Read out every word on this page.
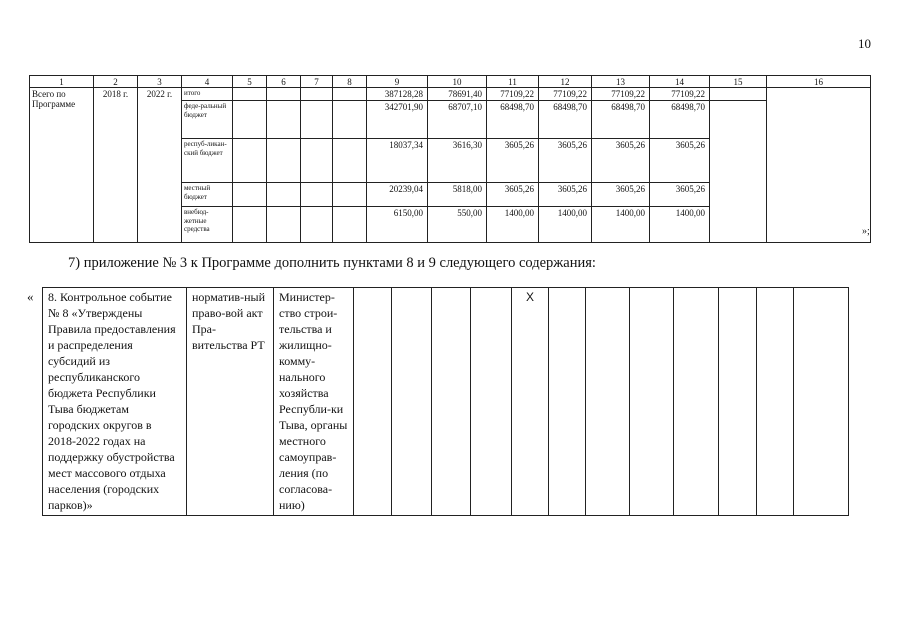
10
1	2	3	4	5	6	7	8	9	10	11	12	13	14	15	16
Всего по Программе	2018 г.	2022 г.	итого					387128,28	78691,40	77109,22	77109,22	77109,22	77109,22		
			феде-ральный бюджет					342701,90	68707,10	68498,70	68498,70	68498,70	68498,70		
			респуб-ликан-ский бюджет					18037,34	3616,30	3605,26	3605,26	3605,26	3605,26		
			местный бюджет					20239,04	5818,00	3605,26	3605,26	3605,26	3605,26		
			внебюд-жетные средства					6150,00	550,00	1400,00	1400,00	1400,00	1400,00		
»;
7) приложение № 3 к Программе дополнить пунктами 8 и 9 следующего содержания:
« 8. Контрольное событие № 8 «Утверждены Правила предоставления и распределения субсидий из республиканского бюджета Республики Тыва бюджетам городских округов в 2018-2022 годах на поддержку обустройства мест массового отдыха населения (городских парков)»	норматив-ный право-вой акт Пра-вительства РТ	Министер-ство строи-тельства и жилищно-комму-нального хозяйства Республи-ки Тыва, органы местного самоуправ-ления (по согласова-нию)					X							
